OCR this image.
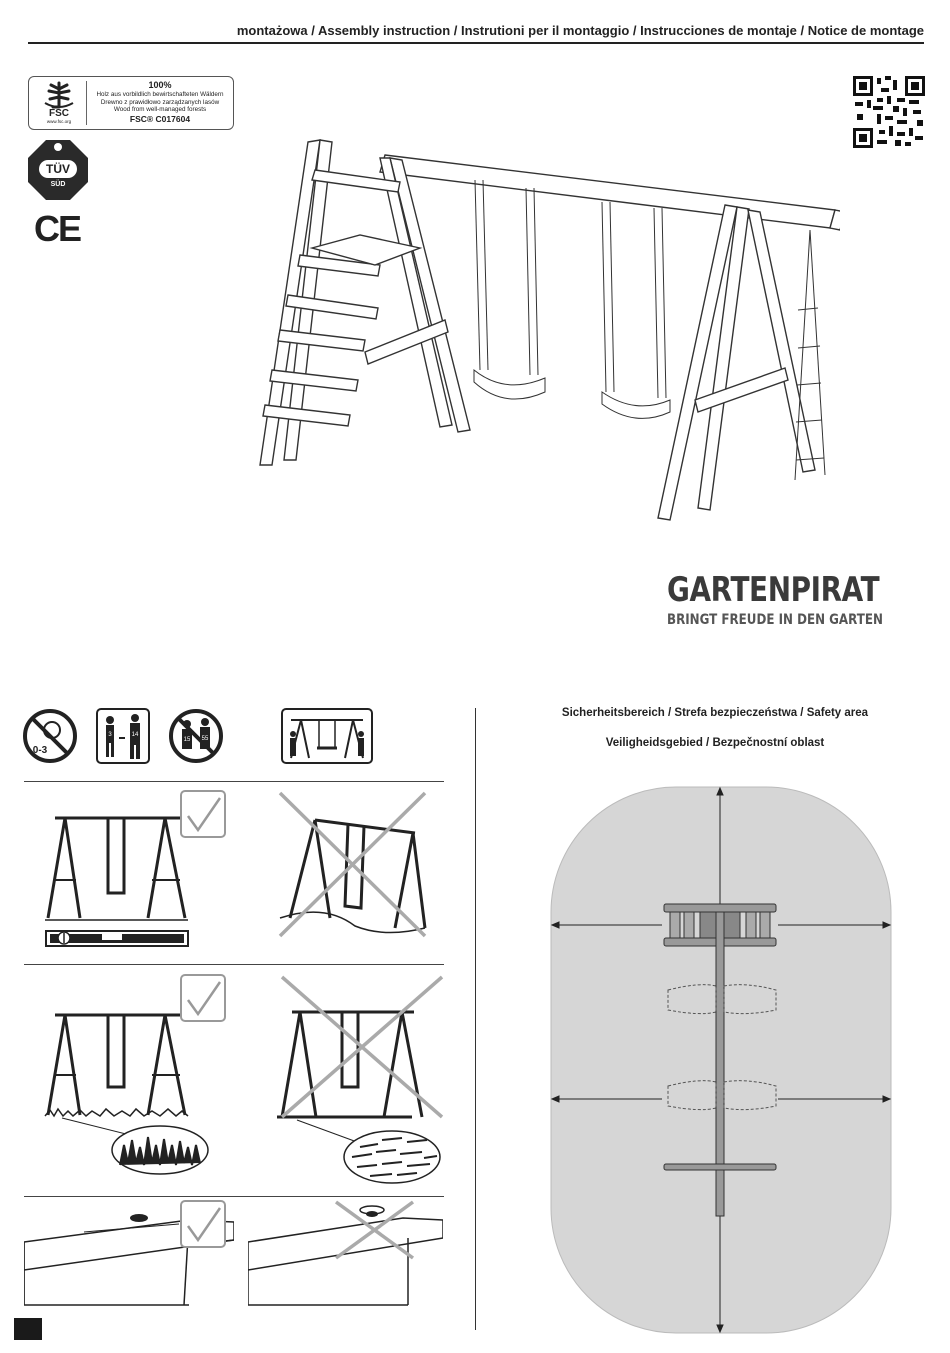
montażowa / Assembly instruction / Instrutioni per il montaggio / Instrucciones de montaje / Notice de montage
FSC
www.fsc.org
100%
Holz aus vorbildlich bewirtschafteten Wäldern
Drewno z prawidłowo zarządzanych lasów
Wood from well-managed forests
FSC® C017604
TÜV
SÜD
CE
GARTENPIRAT
BRINGT FREUDE IN DEN GARTEN
0-3
3	14
15 55
Sicherheitsbereich / Strefa bezpieczeństwa / Safety area
Veiligheidsgebied / Bezpečnostní oblast
